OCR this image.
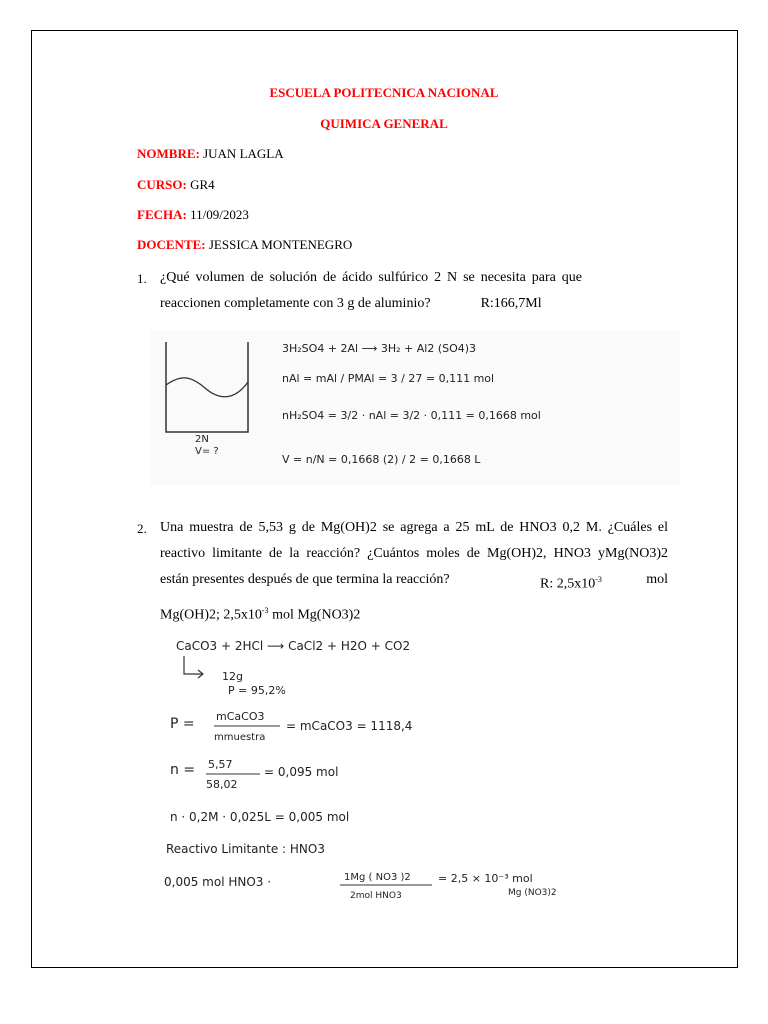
ESCUELA POLITECNICA NACIONAL
QUIMICA GENERAL
NOMBRE: JUAN LAGLA
CURSO: GR4
FECHA: 11/09/2023
DOCENTE: JESSICA MONTENEGRO
1. ¿Qué volumen de solución de ácido sulfúrico 2 N se necesita para que
reaccionen completamente con 3 g de aluminio?	R:166,7Ml
2N
V= ?
3H₂SO4 + 2Al ⟶ 3H₂ + Al2 (SO4)3
nAl = mAl / PMAl = 3 / 27 = 0,111 mol
nH₂SO4 = 3/2 · nAl = 3/2 · 0,111 = 0,1668 mol
V = n/N = 0,1668 (2) / 2 = 0,1668 L
2. Una muestra de 5,53 g de Mg(OH)2 se agrega a 25 mL de HNO3 0,2 M. ¿Cuáles el
reactivo limitante de la reacción? ¿Cuántos moles de Mg(OH)2, HNO3 yMg(NO3)2
están presentes después de que termina la reacción?	R: $2,5x10^{-3}$	mol
Mg(OH)2; $2,5x10^{-3}$ mol Mg(NO3)2
CaCO3 + 2HCl ⟶ CaCl2 + H2O + CO2
12g
P = 95,2%
P = mCaCO3
mmuestra
= mCaCO3 = 1118,4
n = 5,57
58,02
= 0,095 mol
n · 0,2M · 0,025L = 0,005 mol
Reactivo Limitante : HNO3
0,005 mol HNO3 ·	1Mg ( NO3 )2
2mol HNO3
= 2,5 × 10⁻³ mol
Mg (NO3)2
